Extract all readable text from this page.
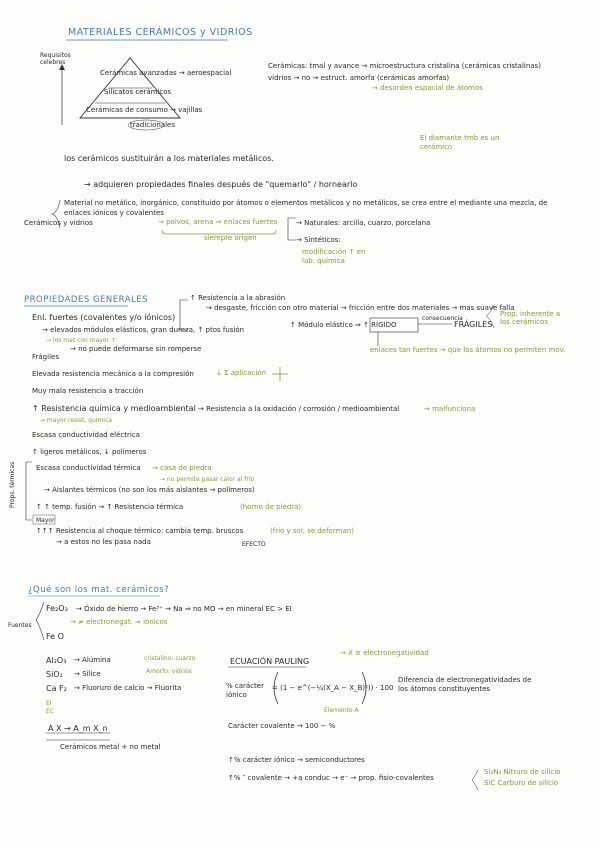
MATERIALES CERÁMICOS y VIDRIOS
Requisitos celebres
Cerámicas avanzadas → aeroespacial
Silicatos cerámicos
Cerámicas de consumo → vajillas
tradicionales
Cerámicas: tmal y avance → microestructura cristalina (cerámicas cristalinas)
vidrios → no → estruct. amorfa (cerámicas amorfas)
→ desorden espacial de átomos
El diamante tmb es un cerámico
los cerámicos sustituirán a los materiales metálicos.
→ adquieren propiedades finales después de "quemarlo" / hornearlo
Material no metálico, inorgánico, constituido por átomos o elementos metálicos y no metálicos, se crea entre el mediante una mezcla, de enlaces iónicos y covalentes
Cerámicos y vidrios	→ polvos, arena ⇒ enlaces fuertes
siempre origen
→ Naturales: arcilla, cuarzo, porcelana
→ Sintéticos:
modificación ↑ en lab. química
PROPIEDADES GENERALES	↑ Resistencia a la abrasión
→ desgaste, fricción con otro material → fricción entre dos materiales → mas suave falla
Prop. inherente a los cerámicos
Enl. fuertes (covalentes y/o iónicos)
→ elevados módulos elásticos, gran dureza, ↑ ptos fusión
→ los mat con mayor ↑
→ no puede deformarse sin romperse
↑ Módulo elástico ⇒ ↑ RÍGIDO
consecuencia
FRÁGILES
enlaces tan fuertes → que los átomos no permiten mov.
Frágiles
Elevada resistencia mecánica a la compresión	↓ Σ aplicación
Muy mala resistencia a tracción
↑ Resistencia química y medioambiental → Resistencia a la oxidación / corrosión / medioambiental	→ malfunciona
→ mayor resist. química
Escasa conductividad eléctrica
↑ ligeros metálicos, ↓ polímeros
Props. térmicas	Escasa conductividad térmica → casa de piedra
→ no permite pasar calor al frío
→ Aislantes térmicos (no son los más aislantes → polímeros)
↑ ↑ temp. fusión → ↑ Resistencia térmica	(horno de piedra)
Mayor
↑↑↑ Resistencia al choque térmico: cambia temp. bruscos	(frío y sol, se deforman)
→ a estos no les pasa nada	EFECTO
¿Qué son los mat. cerámicos?
Fe₂O₃ → Óxido de hierro → Fe³⁺ → Na ⇒ no MO → en mineral EC > EI
→ ≠ electronegat. ⇒ iónicos
Fuentes
Fe O
Al₂O₃ → Alúmina	cristalino: cuarzo
SiO₂ → Sílice	Amorfo: vidrios
Ca F₂ → Fluoruro de calcio → Fluorita
EI
EC
A X → A_m X_n
Cerámicos metal + no metal
ECUACIÓN PAULING
→ X ≡ electronegatividad
% carácter iónico
= (1 − e^(−¼(X_A − X_B)²)) · 100
Elemento A
Diferencia de electronegatividades de los átomos constituyentes
Carácter covalente → 100 − %
↑% carácter iónico → semiconductores
↑% ″ covalente → +a conduc → e⁻ → prop. fisio-covalentes
Si₃N₄ Nitruro de silicio
SiC Carburo de silicio
